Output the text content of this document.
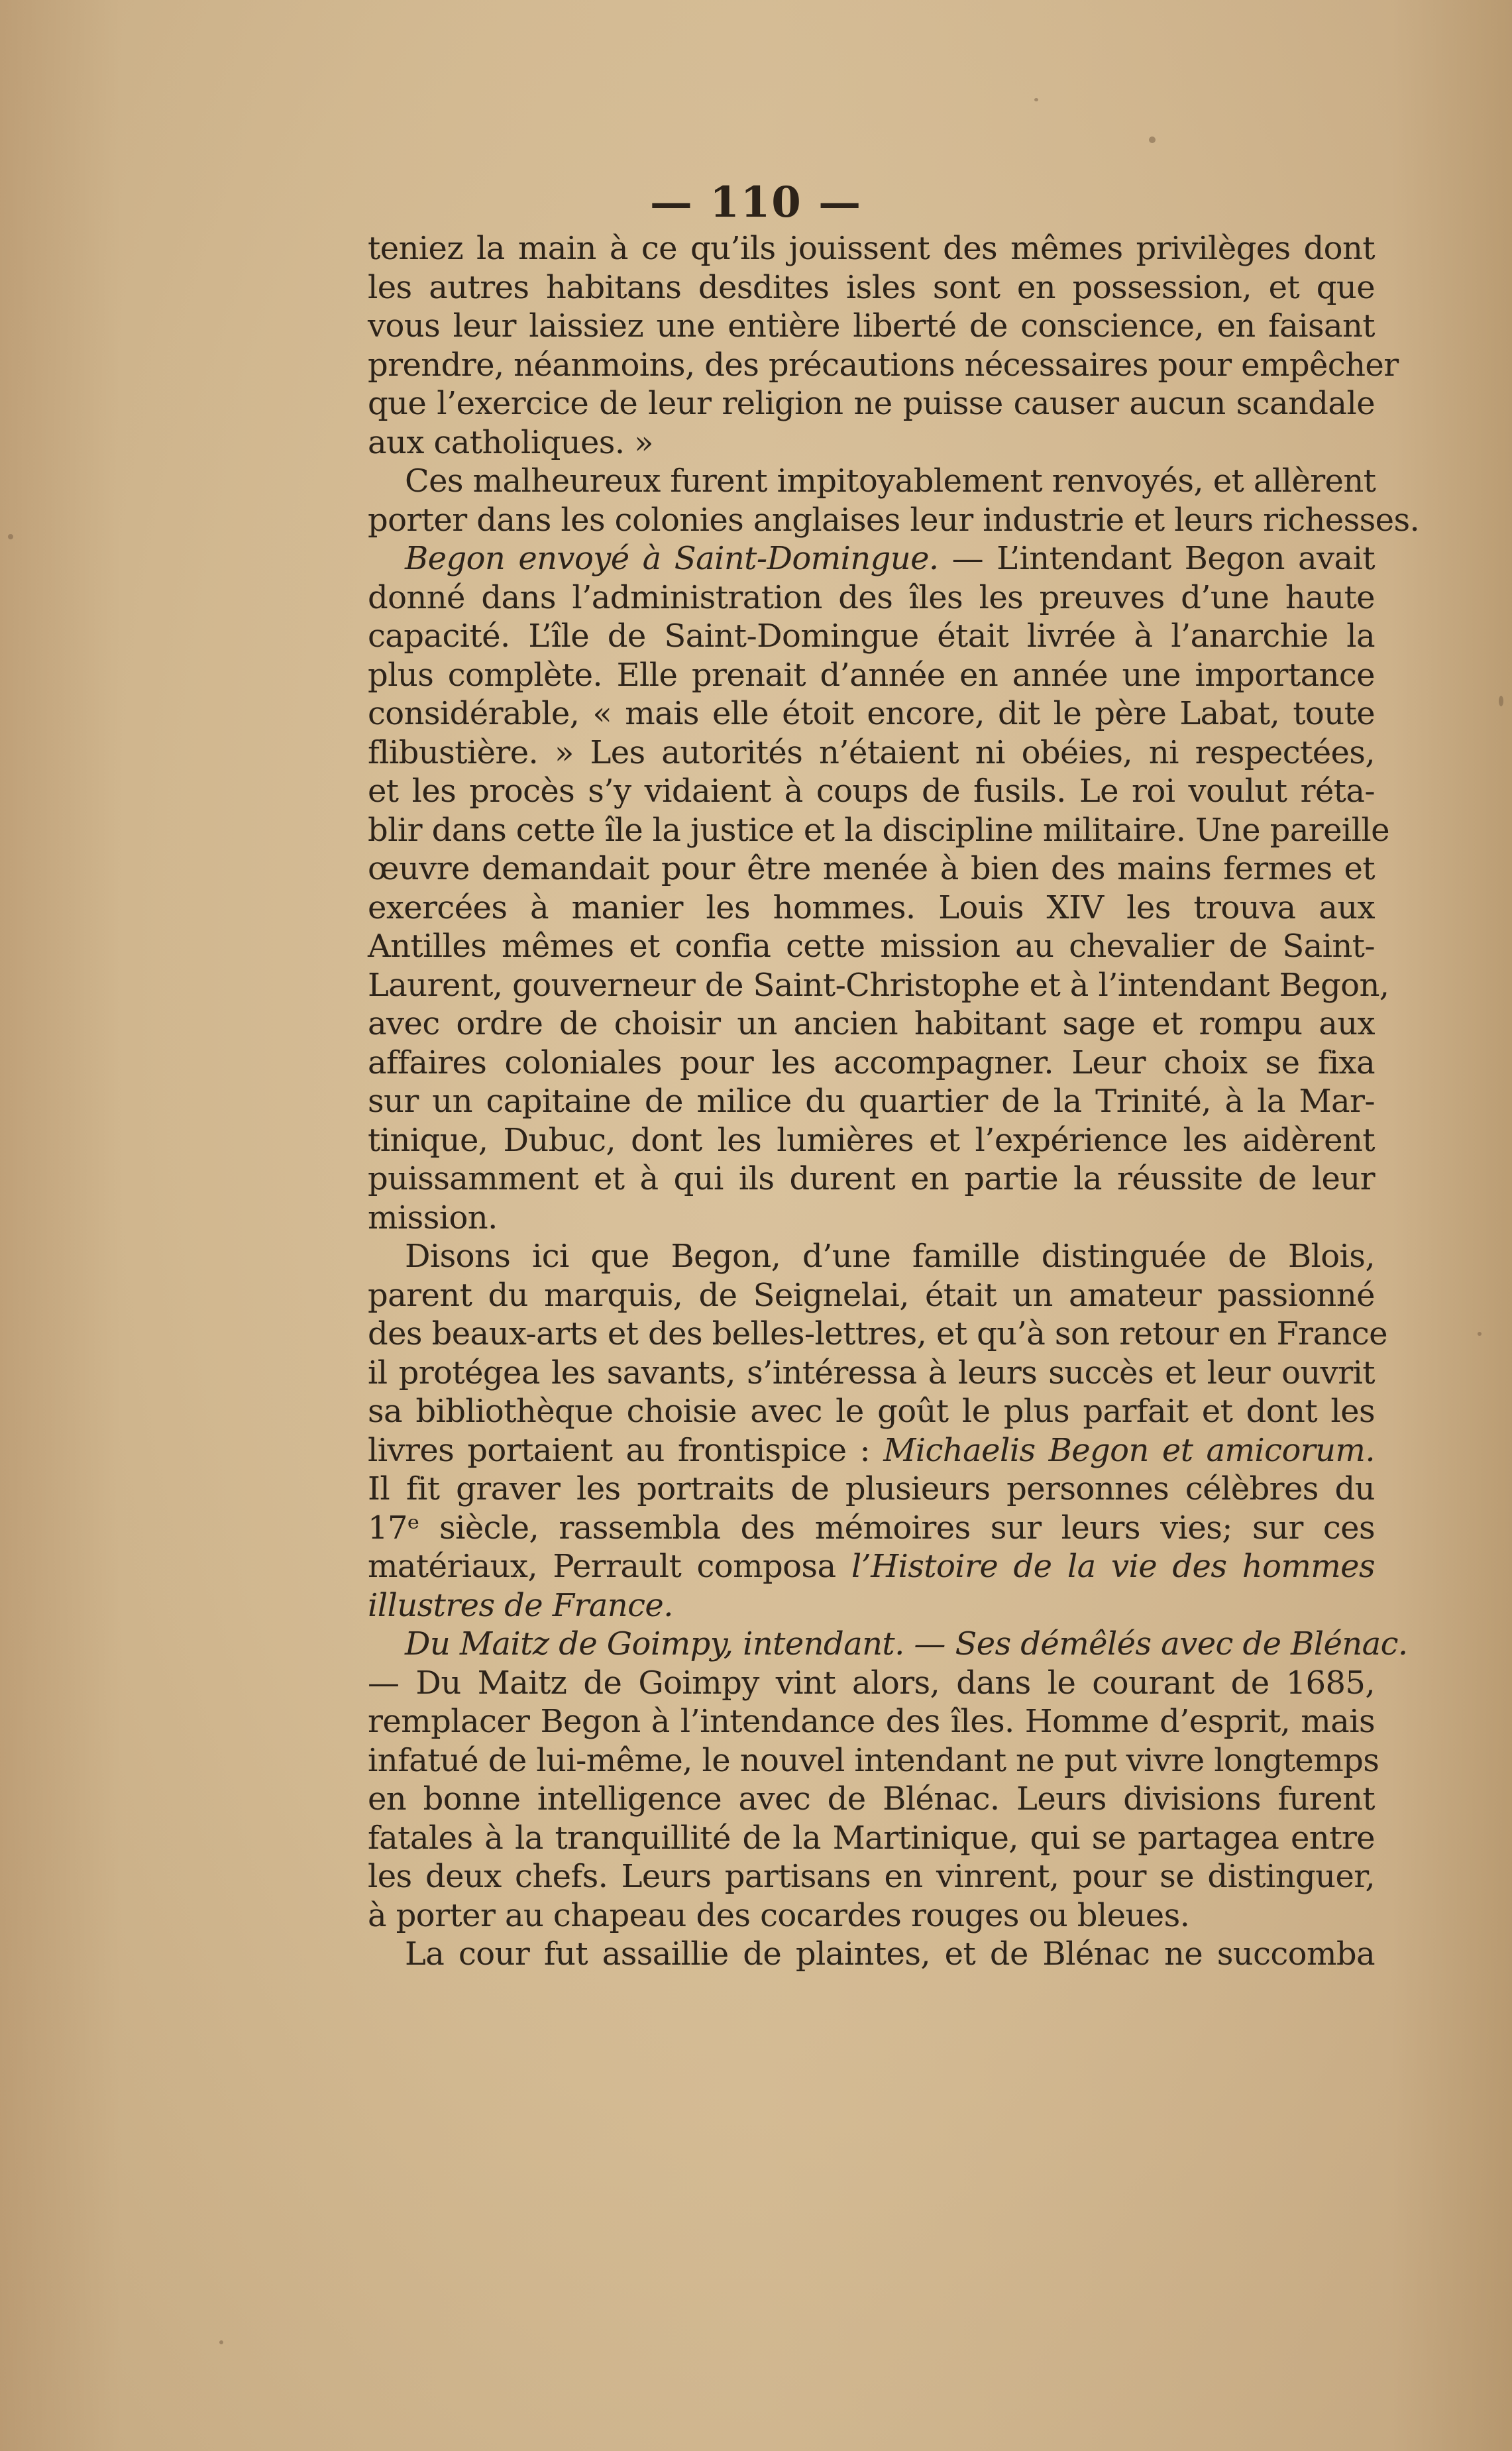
— 110 —
teniez la main à ce qu’ils jouissent des mêmes privilèges dont
les autres habitans desdites isles sont en possession, et que
vous leur laissiez une entière liberté de conscience, en faisant
prendre, néanmoins, des précautions nécessaires pour empêcher
que l’exercice de leur religion ne puisse causer aucun scandale
aux catholiques. »
Ces malheureux furent impitoyablement renvoyés, et allèrent
porter dans les colonies anglaises leur industrie et leurs richesses.
Begon envoyé à Saint-Domingue. — L’intendant Begon avait
donné dans l’administration des îles les preuves d’une haute
capacité. L’île de Saint-Domingue était livrée à l’anarchie la
plus complète. Elle prenait d’année en année une importance
considérable, « mais elle étoit encore, dit le père Labat, toute
flibustière. » Les autorités n’étaient ni obéies, ni respectées,
et les procès s’y vidaient à coups de fusils. Le roi voulut réta-
blir dans cette île la justice et la discipline militaire. Une pareille
œuvre demandait pour être menée à bien des mains fermes et
exercées à manier les hommes. Louis XIV les trouva aux
Antilles mêmes et confia cette mission au chevalier de Saint-
Laurent, gouverneur de Saint-Christophe et à l’intendant Begon,
avec ordre de choisir un ancien habitant sage et rompu aux
affaires coloniales pour les accompagner. Leur choix se fixa
sur un capitaine de milice du quartier de la Trinité, à la Mar-
tinique, Dubuc, dont les lumières et l’expérience les aidèrent
puissamment et à qui ils durent en partie la réussite de leur
mission.
Disons ici que Begon, d’une famille distinguée de Blois,
parent du marquis, de Seignelai, était un amateur passionné
des beaux-arts et des belles-lettres, et qu’à son retour en France
il protégea les savants, s’intéressa à leurs succès et leur ouvrit
sa bibliothèque choisie avec le goût le plus parfait et dont les
livres portaient au frontispice : Michaelis Begon et amicorum.
Il fit graver les portraits de plusieurs personnes célèbres du
17ᵉ siècle, rassembla des mémoires sur leurs vies; sur ces
matériaux, Perrault composa l’Histoire de la vie des hommes
illustres de France.
Du Maitz de Goimpy, intendant. — Ses démêlés avec de Blénac.
— Du Maitz de Goimpy vint alors, dans le courant de 1685,
remplacer Begon à l’intendance des îles. Homme d’esprit, mais
infatué de lui-même, le nouvel intendant ne put vivre longtemps
en bonne intelligence avec de Blénac. Leurs divisions furent
fatales à la tranquillité de la Martinique, qui se partagea entre
les deux chefs. Leurs partisans en vinrent, pour se distinguer,
à porter au chapeau des cocardes rouges ou bleues.
La cour fut assaillie de plaintes, et de Blénac ne succomba
